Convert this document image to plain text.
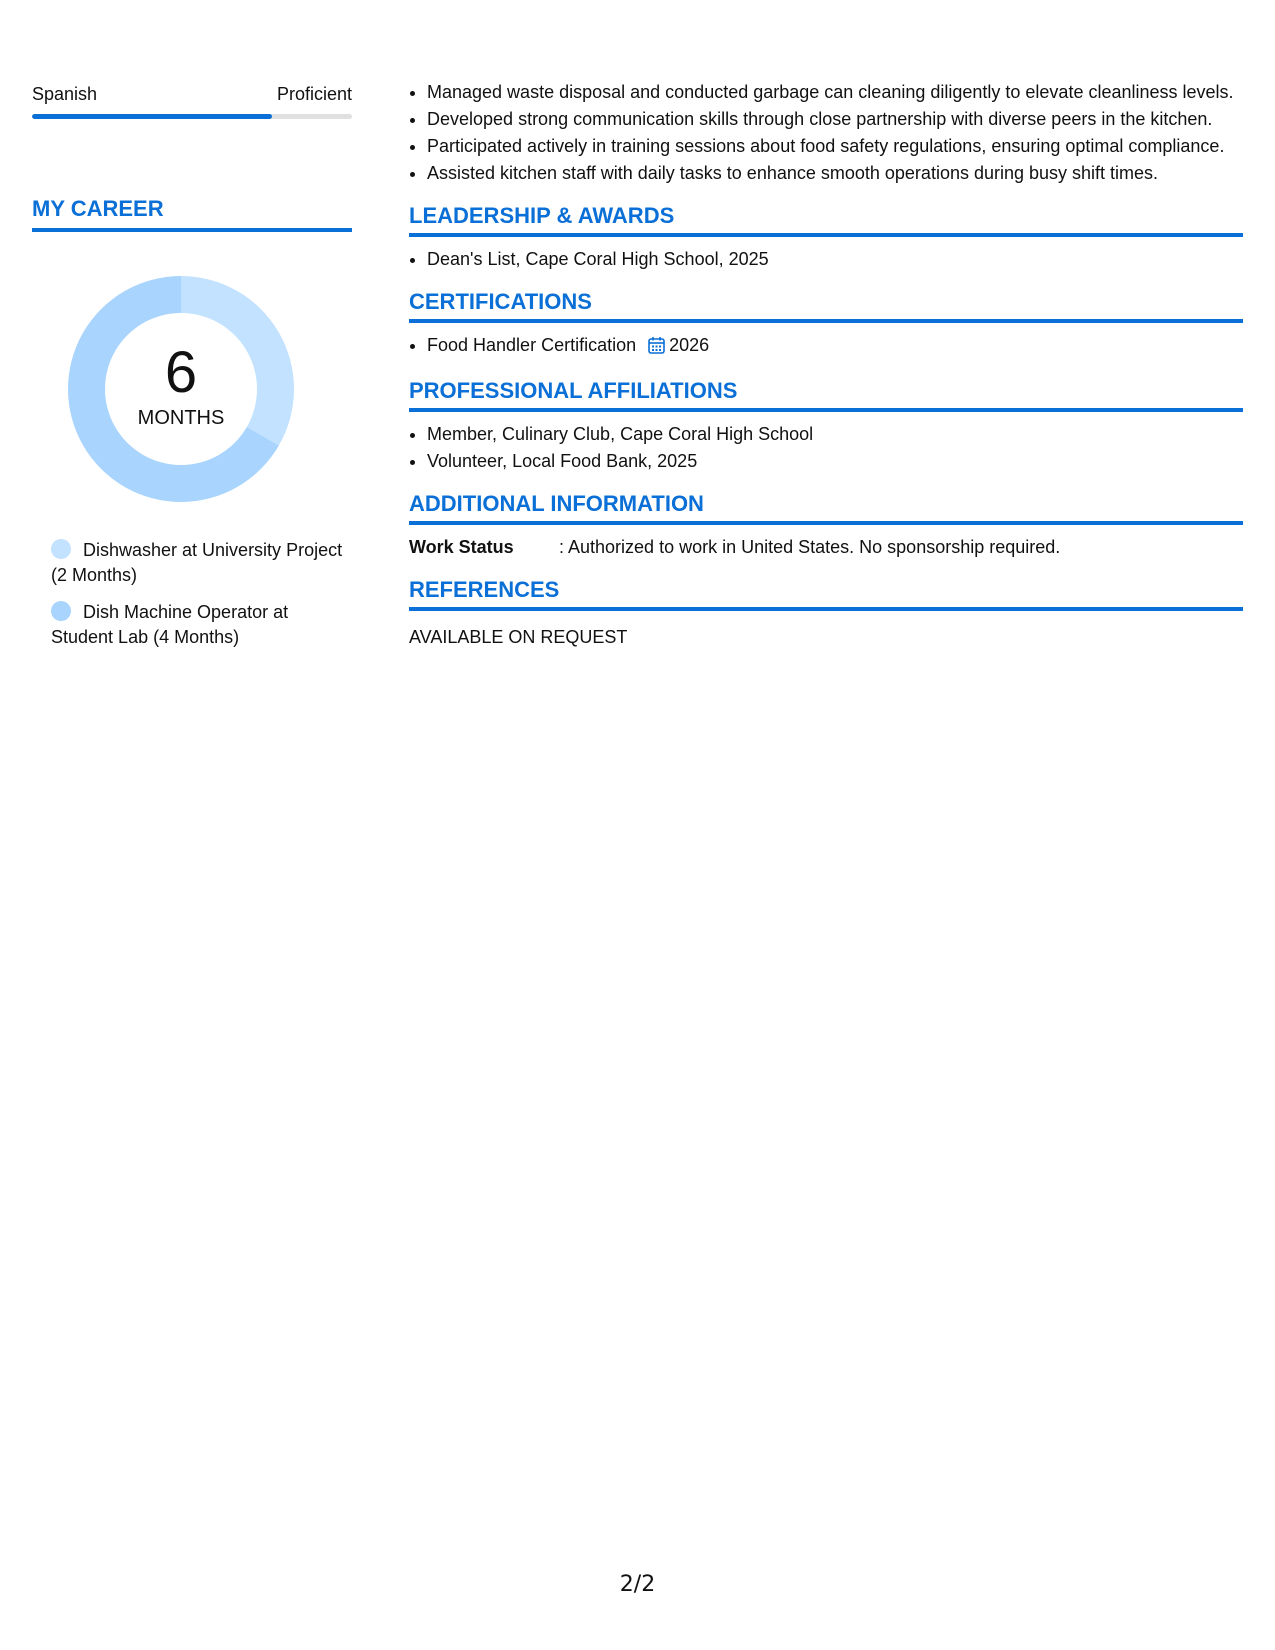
Spanish	Proficient
MY CAREER
6
MONTHS
Dishwasher at University Project (2 Months)
Dish Machine Operator at Student Lab (4 Months)
• Managed waste disposal and conducted garbage can cleaning diligently to elevate cleanliness levels.
• Developed strong communication skills through close partnership with diverse peers in the kitchen.
• Participated actively in training sessions about food safety regulations, ensuring optimal compliance.
• Assisted kitchen staff with daily tasks to enhance smooth operations during busy shift times.
LEADERSHIP & AWARDS
• Dean's List, Cape Coral High School, 2025
CERTIFICATIONS
• Food Handler Certification 2026
PROFESSIONAL AFFILIATIONS
• Member, Culinary Club, Cape Coral High School
• Volunteer, Local Food Bank, 2025
ADDITIONAL INFORMATION
Work Status	: Authorized to work in United States. No sponsorship required.
REFERENCES
AVAILABLE ON REQUEST
2/2
